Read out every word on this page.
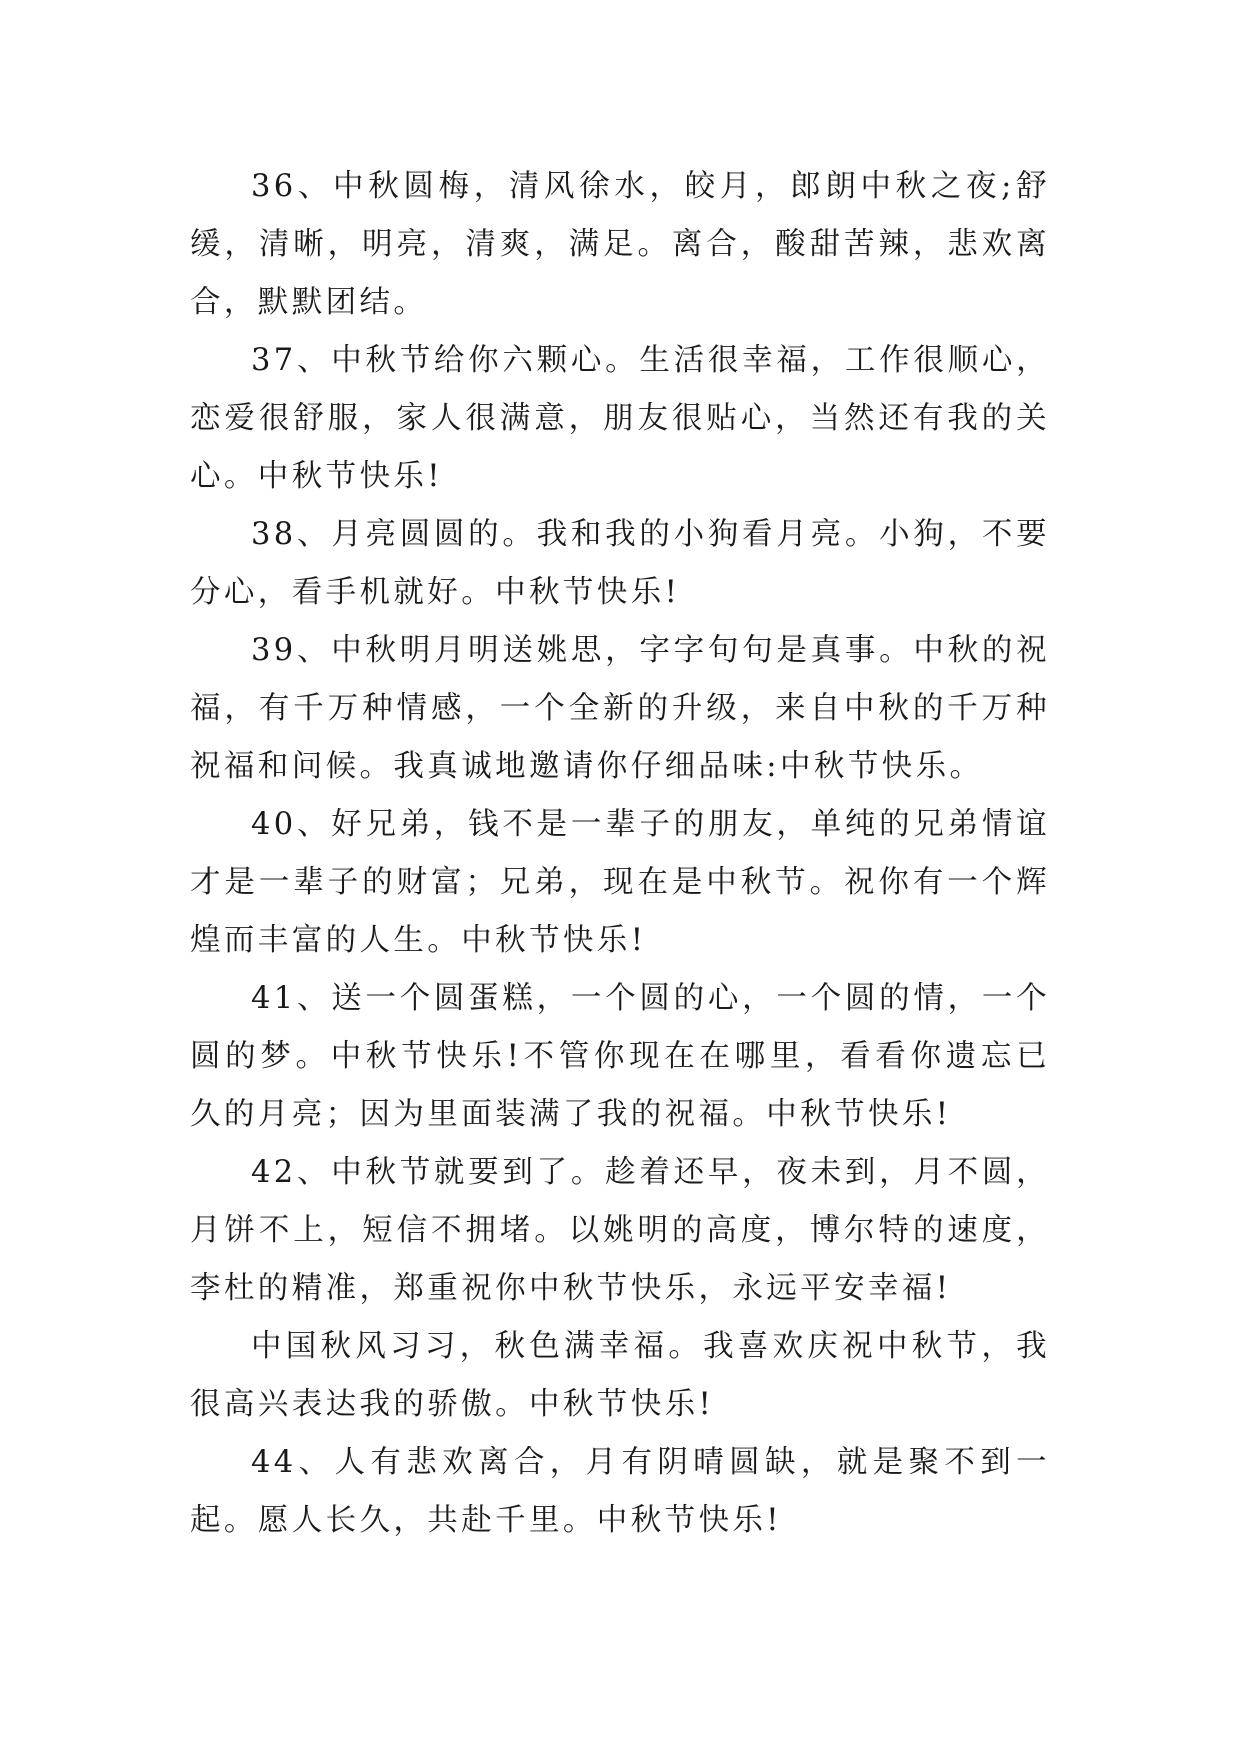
36、中秋圆梅，清风徐水，皎月，郎朗中秋之夜;舒缓，清晰，明亮，清爽，满足。离合，酸甜苦辣，悲欢离合，默默团结。

37、中秋节给你六颗心。生活很幸福，工作很顺心，恋爱很舒服，家人很满意，朋友很贴心，当然还有我的关心。中秋节快乐!

38、月亮圆圆的。我和我的小狗看月亮。小狗，不要分心，看手机就好。中秋节快乐!

39、中秋明月明送姚思，字字句句是真事。中秋的祝福，有千万种情感，一个全新的升级，来自中秋的千万种祝福和问候。我真诚地邀请你仔细品味:中秋节快乐。

40、好兄弟，钱不是一辈子的朋友，单纯的兄弟情谊才是一辈子的财富；兄弟，现在是中秋节。祝你有一个辉煌而丰富的人生。中秋节快乐!

41、送一个圆蛋糕，一个圆的心，一个圆的情，一个圆的梦。中秋节快乐!不管你现在在哪里，看看你遗忘已久的月亮；因为里面装满了我的祝福。中秋节快乐!

42、中秋节就要到了。趁着还早，夜未到，月不圆，月饼不上，短信不拥堵。以姚明的高度，博尔特的速度，李杜的精准，郑重祝你中秋节快乐，永远平安幸福!

中国秋风习习，秋色满幸福。我喜欢庆祝中秋节，我很高兴表达我的骄傲。中秋节快乐!

44、人有悲欢离合，月有阴晴圆缺，就是聚不到一起。愿人长久，共赴千里。中秋节快乐!
